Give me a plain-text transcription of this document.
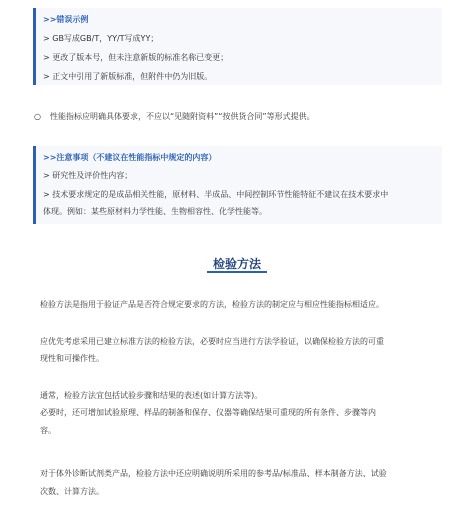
>>错误示例
> GB写成GB/T，YY/T写成YY；
> 更改了版本号，但未注意新版的标准名称已变更；
> 正文中引用了新版标准，但附件中仍为旧版。
○ 性能指标应明确具体要求，不应以“见随附资料”“按供货合同”等形式提供。
>>注意事项（不建议在性能指标中规定的内容）
> 研究性及评价性内容；
> 技术要求规定的是成品相关性能，原材料、半成品、中间控制环节性能特征不建议在技术要求中
体现。例如：某些原材料力学性能、生物相容性、化学性能等。
检验方法
检验方法是指用于验证产品是否符合规定要求的方法，检验方法的制定应与相应性能指标相适应。
应优先考虑采用已建立标准方法的检验方法，必要时应当进行方法学验证，以确保检验方法的可重
现性和可操作性。
通常，检验方法宜包括试验步骤和结果的表述(如计算方法等)。
必要时，还可增加试验原理、样品的制备和保存、仪器等确保结果可重现的所有条件、步骤等内
容。
对于体外诊断试剂类产品，检验方法中还应明确说明所采用的参考品/标准品、样本制备方法、试验
次数、计算方法。
